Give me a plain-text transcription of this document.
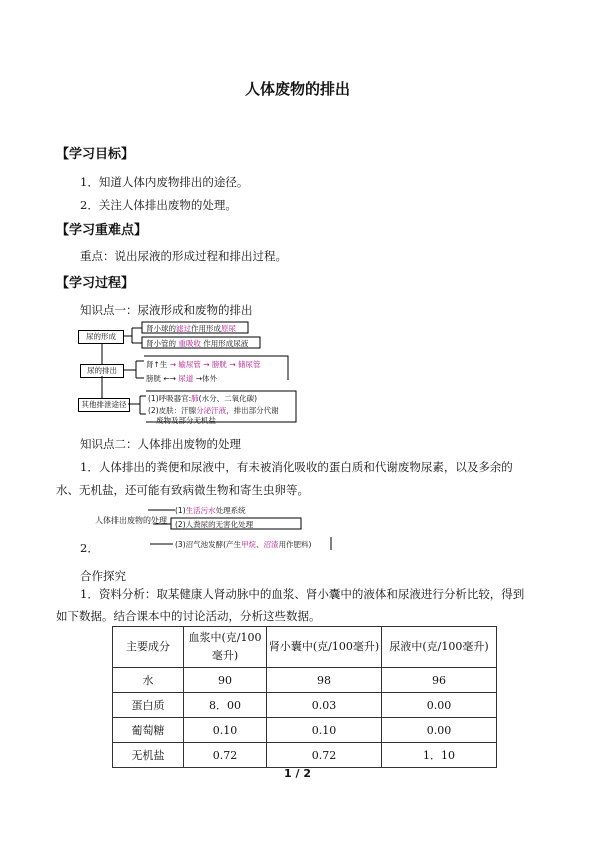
人体废物的排出
【学习目标】
1．知道人体内废物排出的途径。
2．关注人体排出废物的处理。
【学习重难点】
重点：说出尿液的形成过程和排出过程。
【学习过程】
知识点一：尿液形成和废物的排出
尿的形成
尿的排出
其他排泄途径
肾小球的滤过作用形成原尿
肾小管的 重吸收 作用形成尿液
肾↑生 → 输尿管 → 膀胱 → 储尿管
膀胱 ←→ 尿道 →体外
(1)呼吸器官:肺(水分、二氧化碳)
(2)皮肤：汗腺分泌汗液，排出部分代谢
废物及部分无机盐
知识点二：人体排出废物的处理
1．人体排出的粪便和尿液中，有未被消化吸收的蛋白质和代谢废物尿素，以及多余的
水、无机盐，还可能有致病微生物和寄生虫卵等。
2．
人体排出废物的处理
(1)生活污水处理系统
(2)人粪尿的无害化处理
(3)沼气池发酵(产生甲烷、沼渣用作肥料)
合作探究
1．资料分析：取某健康人肾动脉中的血浆、肾小囊中的液体和尿液进行分析比较，得到
如下数据。结合课本中的讨论活动，分析这些数据。
主要成分	血浆中(克/100毫升)	肾小囊中(克/100毫升)	尿液中(克/100毫升)
水	90	98	96
蛋白质	8．00	0.03	0.00
葡萄糖	0.10	0.10	0.00
无机盐	0.72	0.72	1．10
1 / 2
